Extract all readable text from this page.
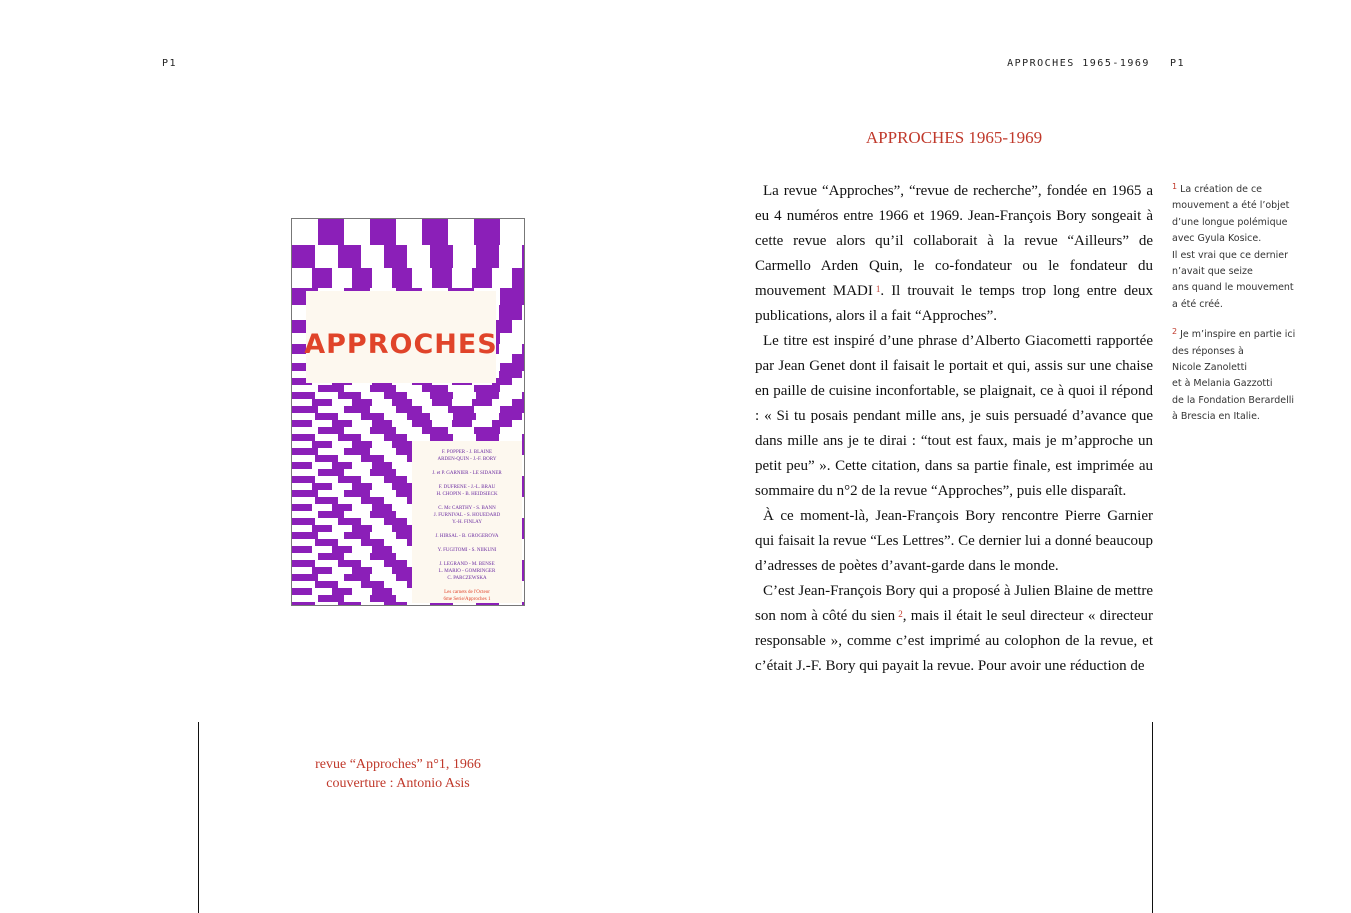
P1	APPROCHES 1965-1969 P1
APPROCHES
F. POPPER - J. BLAINE
ARDEN-QUIN - J.-F. BORY
J. et P. GARNIER - LE SIDANER
F. DUFRENE - J.-L. BRAU
H. CHOPIN - B. HEIDSIECK
C. Mc CARTHY - S. BANN
J. FURNIVAL - S. HOUEDARD
Y.-H. FINLAY
J. HIRSAL - B. GROGEROVA
Y. FUGITOMI - S. NIIKUNI
J. LEGRAND - M. BENSE
L. MARIO - GOMRINGER
C. PARCZEWSKA
Les carnets de l'Octeor
6me Serie/Approches 1
revue “Approches” n°1, 1966
couverture : Antonio Asis
APPROCHES 1965-1969

La revue “Approches”, “revue de recherche”, fondée en 1965 a eu 4 numéros entre 1966 et 1969. Jean-François Bory songeait à cette revue alors qu’il collaborait à la revue “Ailleurs” de Carmello Arden Quin, le co-fondateur ou le fondateur du mouvement MADI  $^1$. Il trouvait le temps trop long entre deux publications, alors il a fait “Approches”.

Le titre est inspiré d’une phrase d’Alberto Giacometti rapportée par Jean Genet dont il faisait le portait et qui, assis sur une chaise en paille de cuisine inconfortable, se plaignait, ce à quoi il répond : « Si tu posais pendant mille ans, je suis persuadé d’avance que dans mille ans je te dirai : “tout est faux, mais je m’approche un petit peu” ». Cette citation, dans sa partie finale, est imprimée au sommaire du n°2 de la revue “Approches”, puis elle disparaît.

À ce moment-là, Jean-François Bory rencontre Pierre Garnier qui faisait la revue “Les Lettres”. Ce dernier lui a donné beaucoup d’adresses de poètes d’avant-garde dans le monde.

C’est Jean-François Bory qui a proposé à Julien Blaine de mettre son nom à côté du sien  $^2$, mais il était le seul directeur « directeur responsable », comme c’est imprimé au colophon de la revue, et c’était J.-F. Bory qui payait la revue. Pour avoir une réduction de

$^1$ La création de ce
mouvement a été l’objet
d’une longue polémique
avec Gyula Kosice.
Il est vrai que ce dernier
n’avait que seize
ans quand le mouvement
a été créé.
$^2$ Je m’inspire en partie ici
des réponses à
Nicole Zanoletti
et à Melania Gazzotti
de la Fondation Berardelli
à Brescia en Italie.
